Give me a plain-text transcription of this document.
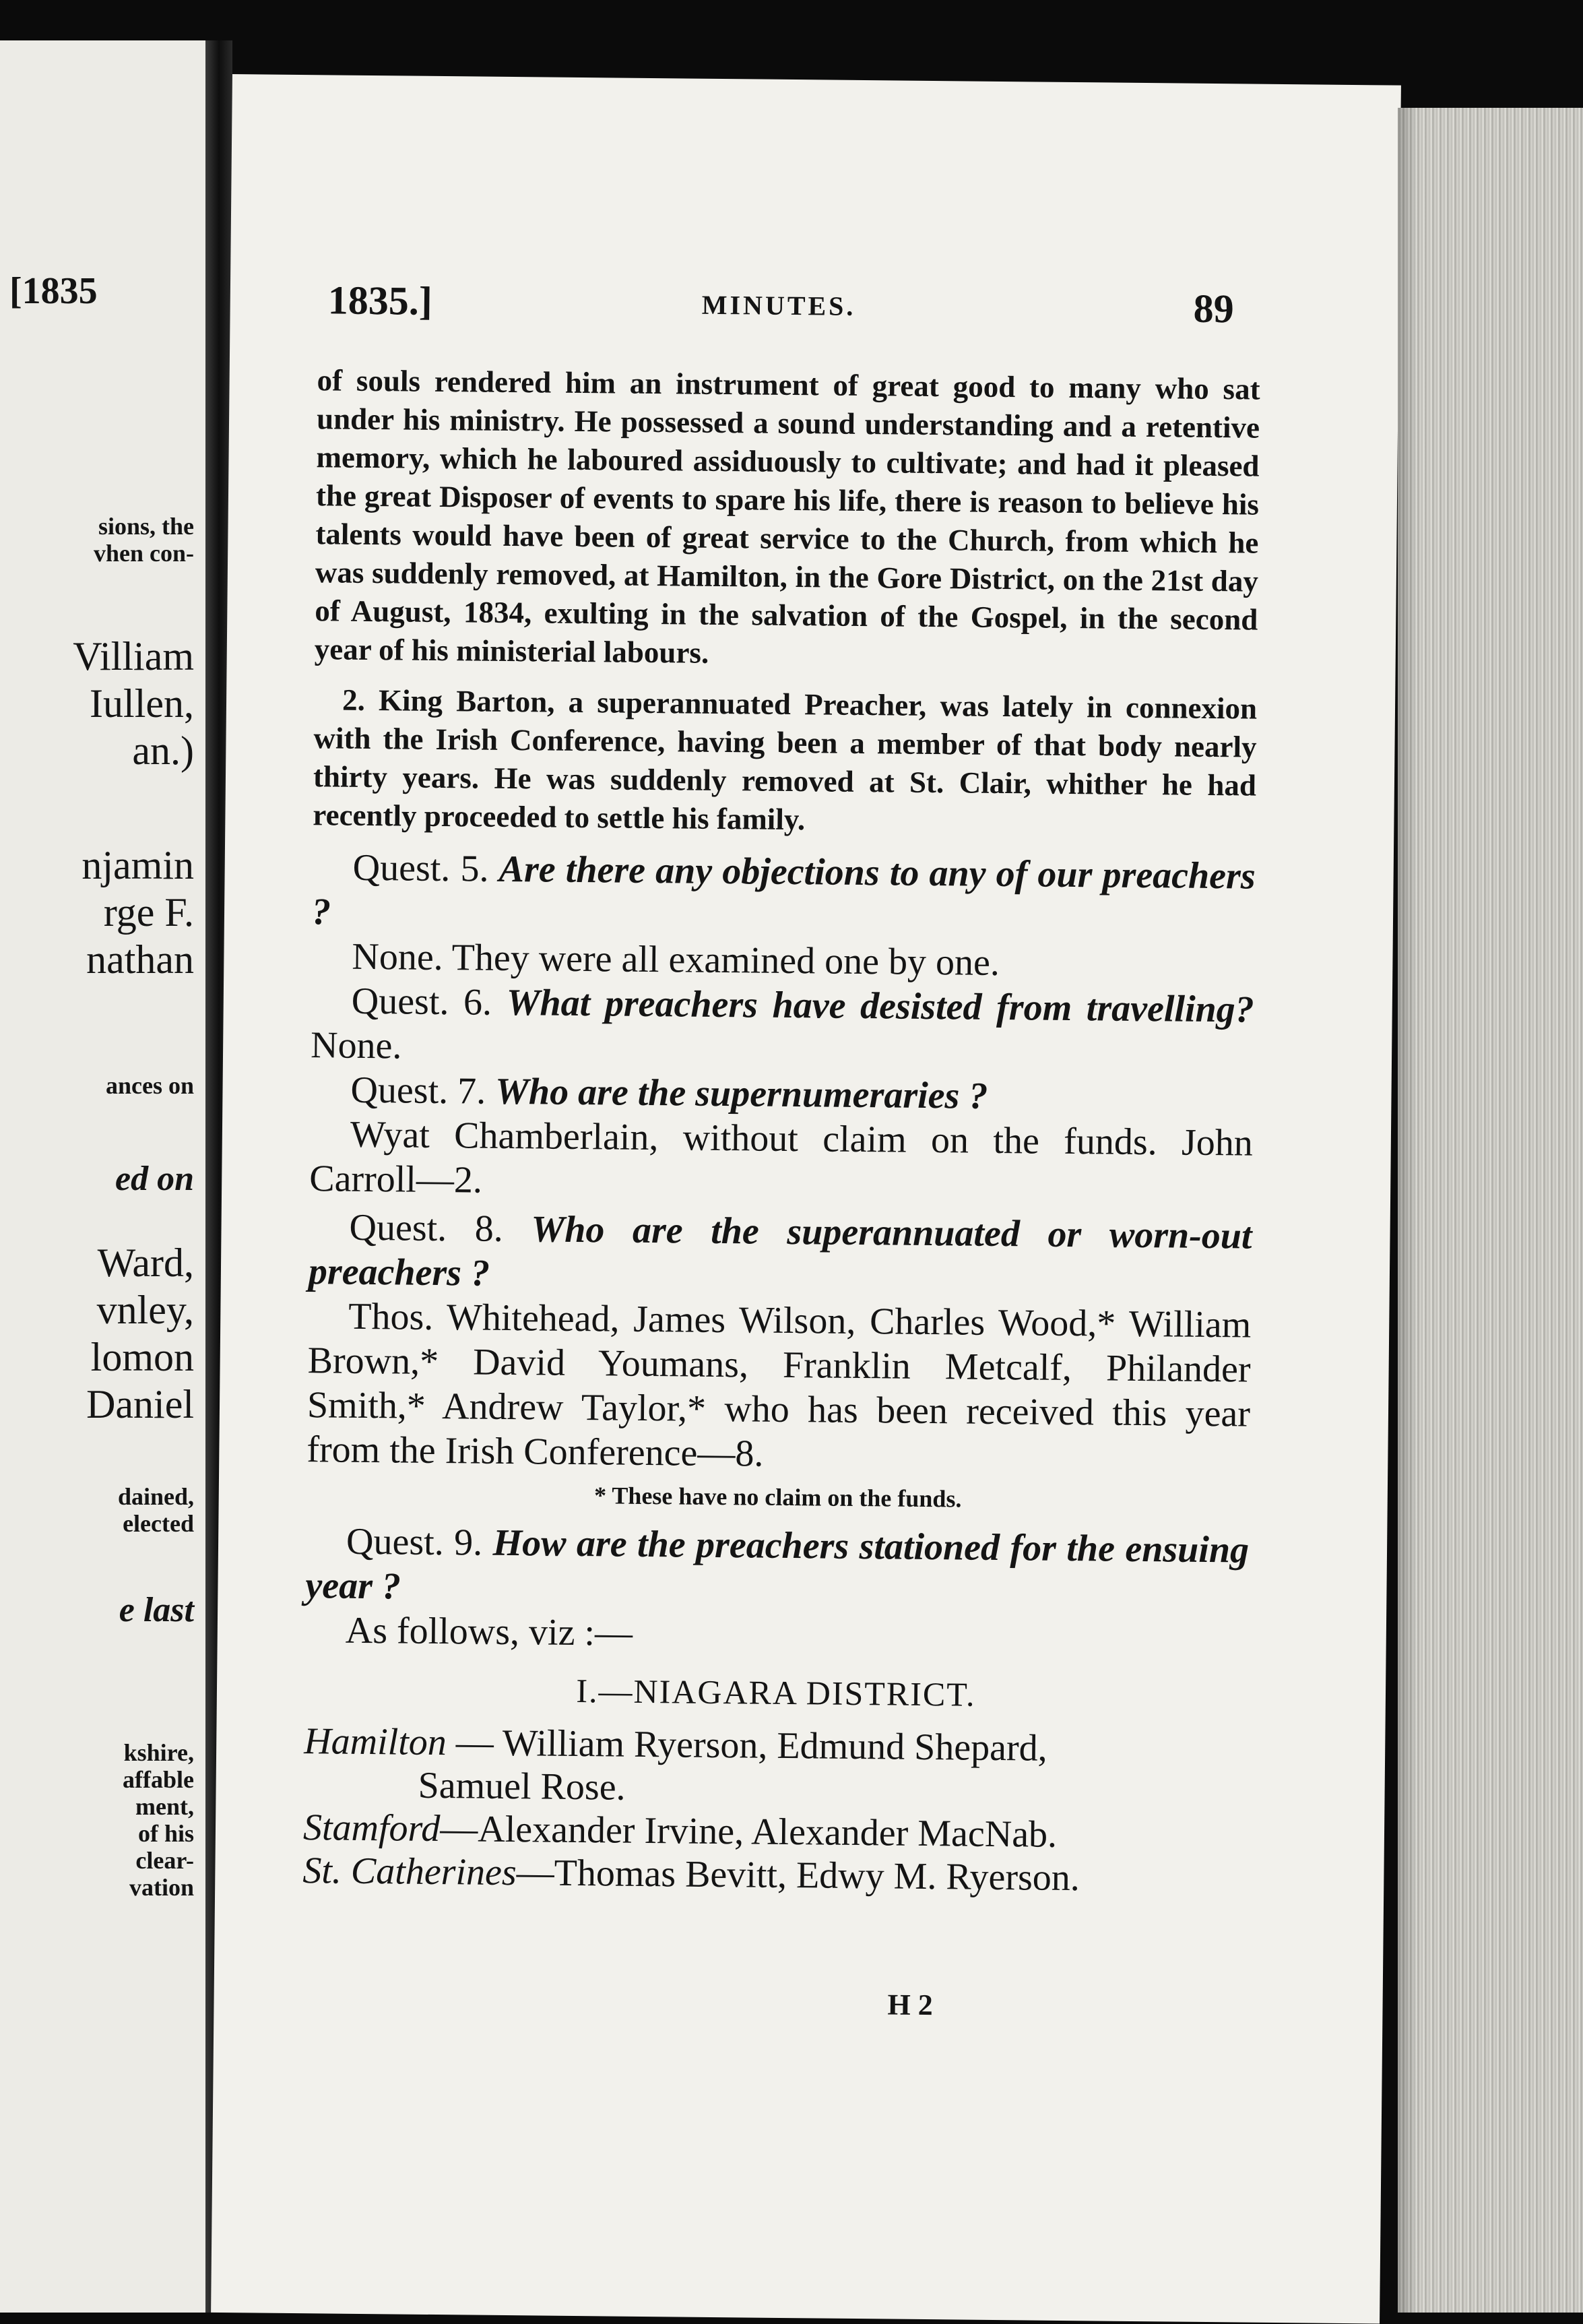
[1835
sions, the
vhen con-
Villiam
Iullen,
an.)
njamin
rge F.
nathan
ances on
ed on
Ward,
vnley,
lomon
Daniel
dained,
elected
e last
kshire,
affable
ment,
of his
clear-
vation
1835.]	MINUTES.	89

of souls rendered him an instrument of great good to many who sat under his ministry. He possessed a sound understanding and a retentive memory, which he laboured assiduously to cultivate; and had it pleased the great Disposer of events to spare his life, there is reason to believe his talents would have been of great service to the Church, from which he was suddenly removed, at Hamilton, in the Gore District, on the 21st day of August, 1834, exulting in the salvation of the Gospel, in the second year of his ministerial labours.

2. King Barton, a superannuated Preacher, was lately in connexion with the Irish Conference, having been a member of that body nearly thirty years. He was suddenly removed at St. Clair, whither he had recently proceeded to settle his family.

Quest. 5. Are there any objections to any of our preachers ?

None. They were all examined one by one.

Quest. 6. What preachers have desisted from travelling? None.

Quest. 7. Who are the supernumeraries ?

Wyat Chamberlain, without claim on the funds. John Carroll—2.

Quest. 8. Who are the superannuated or worn-out preachers ?

Thos. Whitehead, James Wilson, Charles Wood,* William Brown,* David Youmans, Franklin Metcalf, Philander Smith,* Andrew Taylor,* who has been received this year from the Irish Conference—8.

* These have no claim on the funds.

Quest. 9. How are the preachers stationed for the ensuing year ?

As follows, viz :—

I.—NIAGARA DISTRICT.

Hamilton — William Ryerson, Edmund Shepard,

Samuel Rose.

Stamford—Alexander Irvine, Alexander MacNab.

St. Catherines—Thomas Bevitt, Edwy M. Ryerson.

H 2
